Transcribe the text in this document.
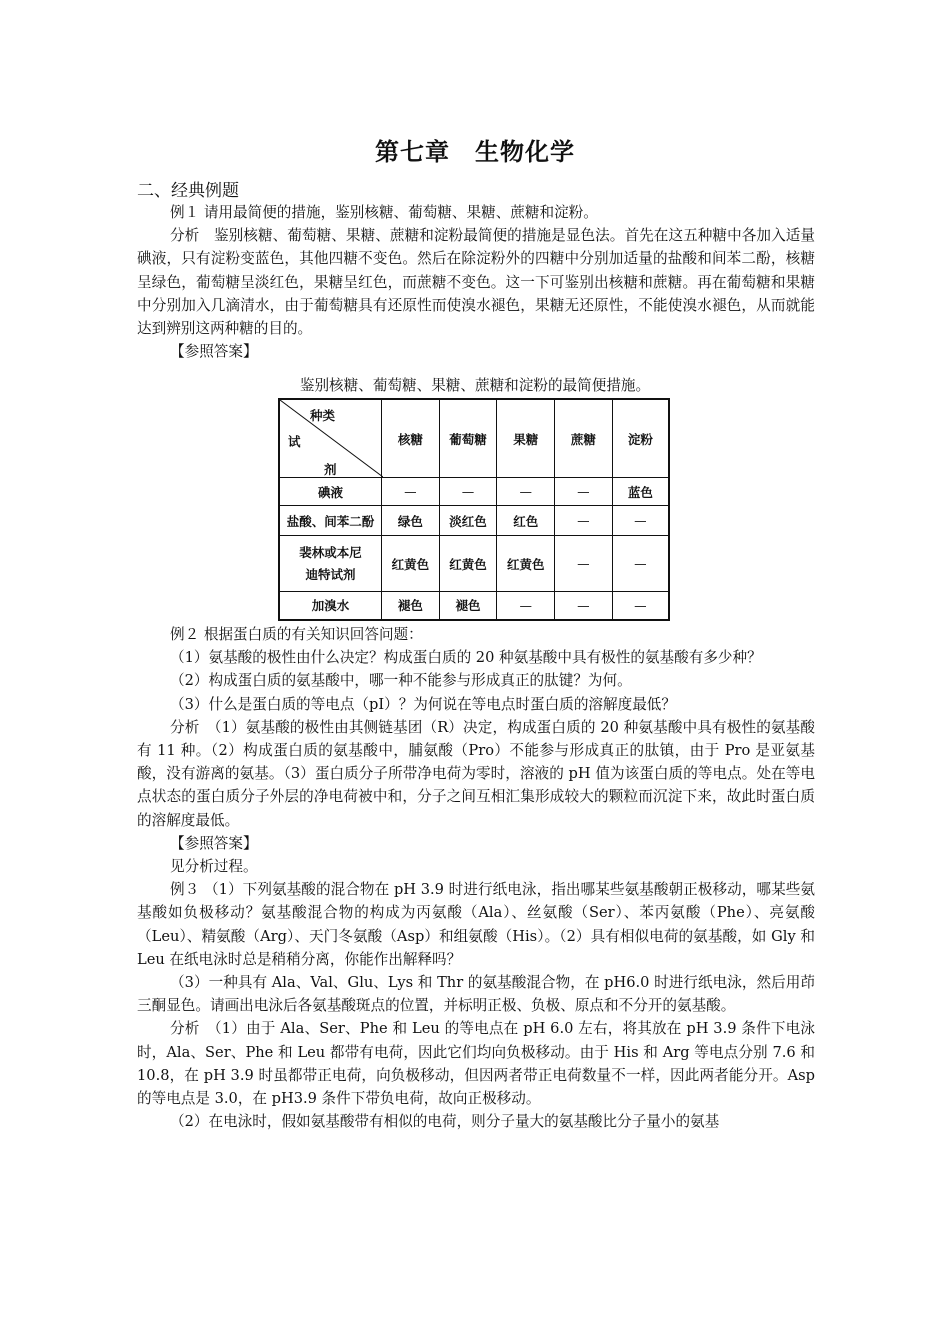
第七章　生物化学
二、经典例题

例１ 请用最简便的措施，鉴别核糖、葡萄糖、果糖、蔗糖和淀粉。

分析　鉴别核糖、葡萄糖、果糖、蔗糖和淀粉最简便的措施是显色法。首先在这五种糖中各加入适量碘液，只有淀粉变蓝色，其他四糖不变色。然后在除淀粉外的四糖中分别加适量的盐酸和间苯二酚，核糖呈绿色，葡萄糖呈淡红色，果糖呈红色，而蔗糖不变色。这一下可鉴别出核糖和蔗糖。再在葡萄糖和果糖中分别加入几滴清水，由于葡萄糖具有还原性而使溴水褪色，果糖无还原性，不能使溴水褪色，从而就能达到辨别这两种糖的目的。

【参照答案】

鉴别核糖、葡萄糖、果糖、蔗糖和淀粉的最简便措施。
种类
试
剂	核糖	葡萄糖	果糖	蔗糖	淀粉
碘液	—	—	—	—	蓝色
盐酸、间苯二酚	绿色	淡红色	红色	—	—

裴林或本尼
迪特试剂	红黄色	红黄色	红黄色	—	—
加溴水	褪色	褪色	—	—	—

例２ 根据蛋白质的有关知识回答问题：

（1）氨基酸的极性由什么决定？构成蛋白质的 20 种氨基酸中具有极性的氨基酸有多少种？

（2）构成蛋白质的氨基酸中，哪一种不能参与形成真正的肽键？为何。

（3）什么是蛋白质的等电点（pI）？为何说在等电点时蛋白质的溶解度最低？

分析　（1）氨基酸的极性由其侧链基团（R）决定，构成蛋白质的 20 种氨基酸中具有极性的氨基酸有 11 种。（2）构成蛋白质的氨基酸中，脯氨酸（Pro）不能参与形成真正的肽镇，由于 Pro 是亚氨基酸，没有游离的氨基。（3）蛋白质分子所带净电荷为零时，溶液的 pH 值为该蛋白质的等电点。处在等电点状态的蛋白质分子外层的净电荷被中和，分子之间互相汇集形成较大的颗粒而沉淀下来，故此时蛋白质的溶解度最低。

【参照答案】

见分析过程。

例３ （1）下列氨基酸的混合物在 pH 3.9 时进行纸电泳，指出哪某些氨基酸朝正极移动，哪某些氨基酸如负极移动？氨基酸混合物的构成为丙氨酸（Ala）、丝氨酸（Ser）、苯丙氨酸（Phe）、亮氨酸（Leu）、精氨酸（Arg）、天门冬氨酸（Asp）和组氨酸（His）。（2）具有相似电荷的氨基酸，如 Gly 和 Leu 在纸电泳时总是稍稍分离，你能作出解释吗？

（3）一种具有 Ala、Val、Glu、Lys 和 Thr 的氨基酸混合物，在 pH6.0 时进行纸电泳，然后用茚三酮显色。请画出电泳后各氨基酸斑点的位置，并标明正极、负极、原点和不分开的氨基酸。

分析　（1）由于 Ala、Ser、Phe 和 Leu 的等电点在 pH 6.0 左右，将其放在 pH 3.9 条件下电泳时，Ala、Ser、Phe 和 Leu 都带有电荷，因此它们均向负极移动。由于 His 和 Arg 等电点分别 7.6 和 10.8，在 pH 3.9 时虽都带正电荷，向负极移动，但因两者带正电荷数量不一样，因此两者能分开。Asp 的等电点是 3.0，在 pH3.9 条件下带负电荷，故向正极移动。

（2）在电泳时，假如氨基酸带有相似的电荷，则分子量大的氨基酸比分子量小的氨基
